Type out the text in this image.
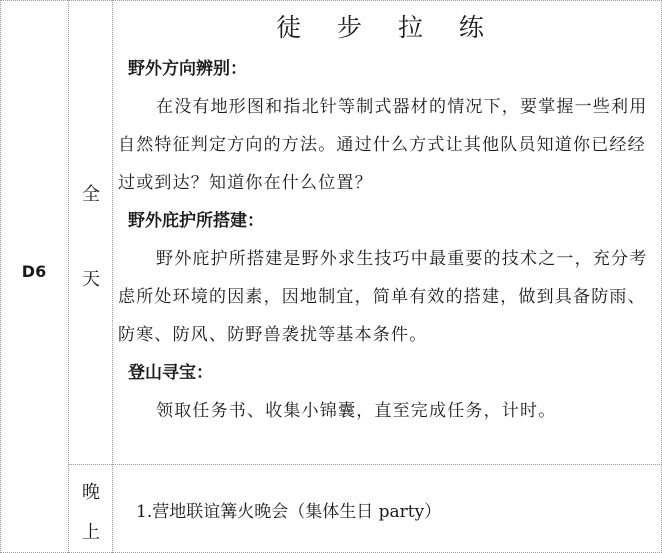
D6
全
天
晚
上
徒 步 拉 练
野外方向辨别：
在没有地形图和指北针等制式器材的情况下，要掌握一些利用自然特征判定方向的方法。通过什么方式让其他队员知道你已经经过或到达？知道你在什么位置？
野外庇护所搭建：
野外庇护所搭建是野外求生技巧中最重要的技术之一，充分考虑所处环境的因素，因地制宜，简单有效的搭建，做到具备防雨、防寒、防风、防野兽袭扰等基本条件。
登山寻宝：
领取任务书、收集小锦囊，直至完成任务，计时。
1.营地联谊篝火晚会（集体生日 party）
